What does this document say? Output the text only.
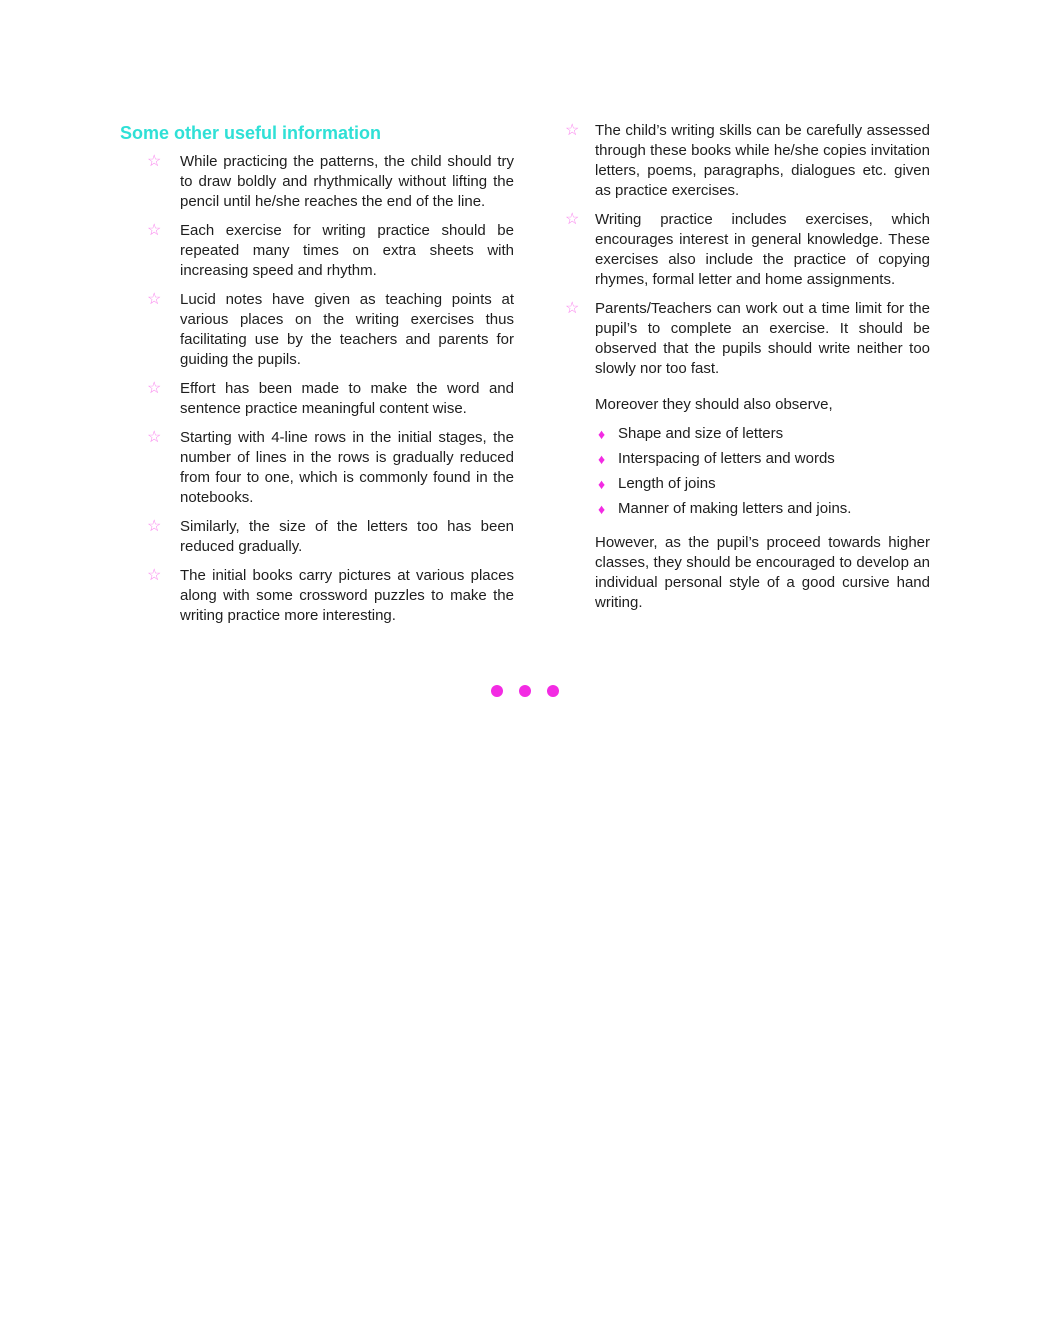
Some other useful information
☆	While practicing the patterns, the child should try to draw boldly and rhythmically without lifting the pencil until he/she reaches the end of the line.
☆	Each exercise for writing practice should be repeated many times on extra sheets with increasing speed and rhythm.
☆	Lucid notes have given as teaching points at various places on the writing exercises thus facilitating use by the teachers and parents for guiding the pupils.
☆	Effort has been made to make the word and sentence practice meaningful content wise.
☆	Starting with 4-line rows in the initial stages, the number of lines in the rows is gradually reduced from four to one, which is commonly found in the notebooks.
☆	Similarly, the size of the letters too has been reduced gradually.
☆	The initial books carry pictures at various places along with some crossword puzzles to make the writing practice more interesting.
☆	The child’s writing skills can be carefully assessed through these books while he/she copies invitation letters, poems, paragraphs, dialogues etc. given as practice exercises.
☆	Writing practice includes exercises, which encourages interest in general knowledge. These exercises also include the practice of copying rhymes, formal letter and home assignments.
☆	Parents/Teachers can work out a time limit for the pupil’s to complete an exercise. It should be observed that the pupils should write neither too slowly nor too fast.

Moreover they should also observe,

♦ Shape and size of letters
♦ Interspacing of letters and words
♦ Length of joins
♦ Manner of making letters and joins.

However, as the pupil’s proceed towards higher classes, they should be encouraged to develop an individual personal style of a good cursive hand writing.
